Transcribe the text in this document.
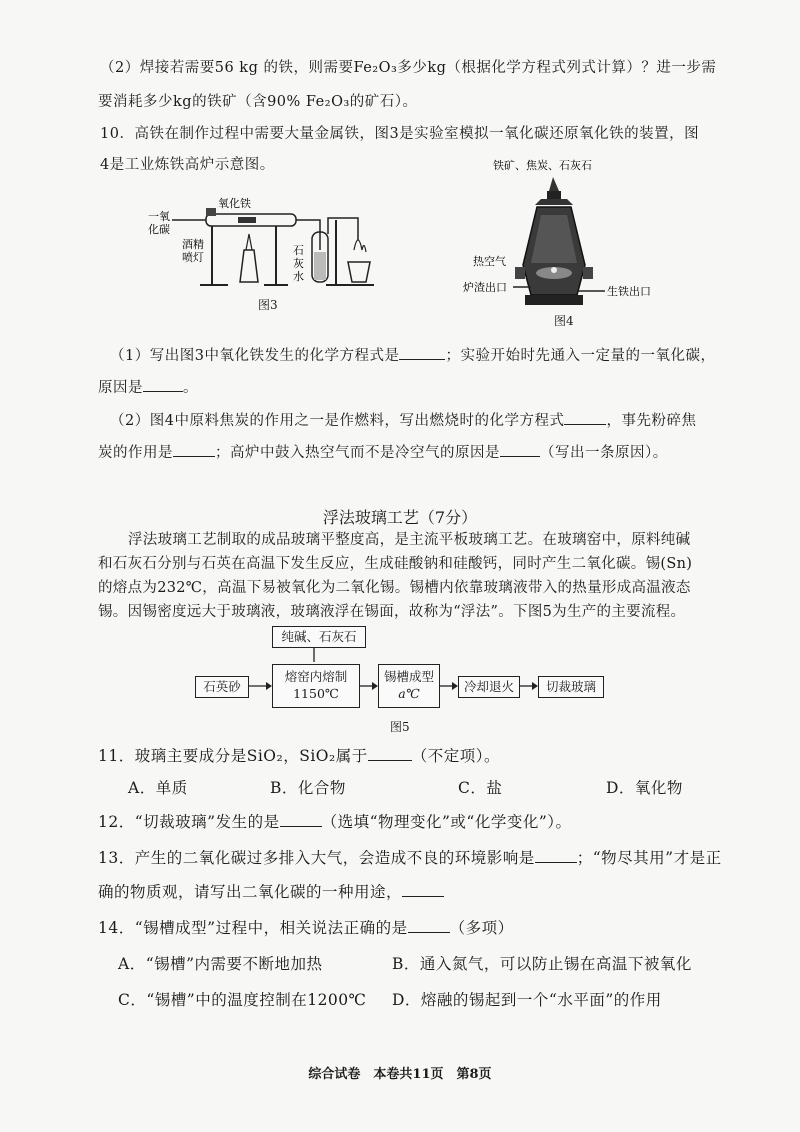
（2）焊接若需要56 kg 的铁，则需要Fe₂O₃多少kg（根据化学方程式列式计算）？进一步需
要消耗多少kg的铁矿（含90% Fe₂O₃的矿石）。
10．高铁在制作过程中需要大量金属铁，图3是实验室模拟一氧化碳还原氧化铁的装置，图
4是工业炼铁高炉示意图。
一氧
化碳
氧化铁
酒精
喷灯
石
灰
水
图3
铁矿、焦炭、石灰石
热空气
炉渣出口	生铁出口
图4
（1）写出图3中氧化铁发生的化学方程式是	；实验开始时先通入一定量的一氧化碳，
原因是	。
（2）图4中原料焦炭的作用之一是作燃料，写出燃烧时的化学方程式	，事先粉碎焦
炭的作用是	；高炉中鼓入热空气而不是冷空气的原因是	（写出一条原因）。
浮法玻璃工艺（7分）
浮法玻璃工艺制取的成品玻璃平整度高，是主流平板玻璃工艺。在玻璃窑中，原料纯碱
和石灰石分别与石英在高温下发生反应，生成硅酸钠和硅酸钙，同时产生二氧化碳。锡(Sn)
的熔点为232℃，高温下易被氧化为二氧化锡。锡槽内依靠玻璃液带入的热量形成高温液态
锡。因锡密度远大于玻璃液，玻璃液浮在锡面，故称为“浮法”。下图5为生产的主要流程。
纯碱、石灰石
石英砂
熔窑内熔制
1150℃
锡槽成型
a℃	冷却退火	切裁玻璃
图5
11．玻璃主要成分是SiO₂，SiO₂属于	（不定项）。
A．单质	B．化合物	C．盐	D．氧化物
12．“切裁玻璃”发生的是	（选填“物理变化”或“化学变化”）。
13．产生的二氧化碳过多排入大气，会造成不良的环境影响是	；“物尽其用”才是正
确的物质观，请写出二氧化碳的一种用途，
14．“锡槽成型”过程中，相关说法正确的是	（多项）
A．“锡槽”内需要不断地加热	B．通入氮气，可以防止锡在高温下被氧化
C．“锡槽”中的温度控制在1200℃ D．熔融的锡起到一个“水平面”的作用
综合试卷　本卷共11页　第8页
